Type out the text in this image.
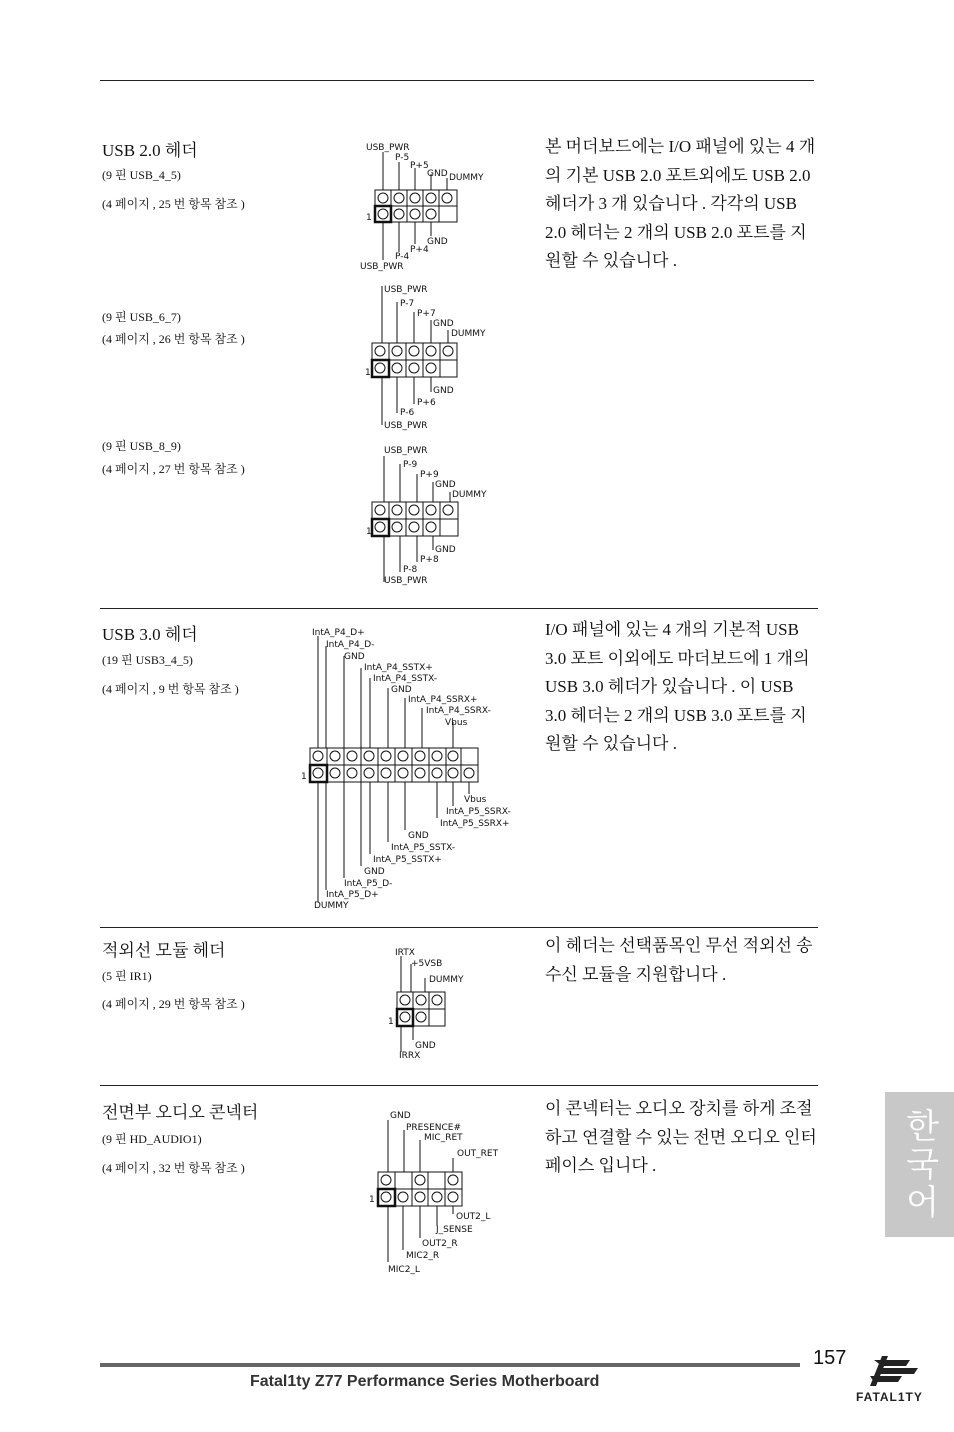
USB 2.0 헤더
(9 핀 USB_4_5)
(4 페이지 , 25 번 항목 참조 )
(9 핀 USB_6_7)
(4 페이지 , 26 번 항목 참조 )
(9 핀 USB_8_9)
(4 페이지 , 27 번 항목 참조 )
본 머더보드에는 I/O 패널에 있는 4 개의 기본 USB 2.0 포트외에도 USB 2.0 헤더가 3 개 있습니다 . 각각의 USB 2.0 헤더는 2 개의 USB 2.0 포트를 지원할 수 있습니다 .
USB_PWR
P-5
P+5
GND DUMMY
1
GND
P+4
P-4
USB_PWR
USB_PWR
P-7
P+7
GND
DUMMY
1
GND
P+6
P-6
USB_PWR
USB_PWR
P-9
P+9
GND
DUMMY
1
GND
P+8
P-8
USB_PWR
USB 3.0 헤더
(19 핀 USB3_4_5)
(4 페이지 , 9 번 항목 참조 )
I/O 패널에 있는 4 개의 기본적 USB 3.0 포트 이외에도 마더보드에 1 개의 USB 3.0 헤더가 있습니다 . 이 USB 3.0 헤더는 2 개의 USB 3.0 포트를 지원할 수 있습니다 .
IntA_P4_D+
IntA_P4_D-
GND
IntA_P4_SSTX+
IntA_P4_SSTX-
GND
IntA_P4_SSRX+
IntA_P4_SSRX-
Vbus
1
Vbus
IntA_P5_SSRX-
IntA_P5_SSRX+
GND
IntA_P5_SSTX-
IntA_P5_SSTX+
GND
IntA_P5_D-
IntA_P5_D+
DUMMY
적외선 모듈 헤더
(5 핀 IR1)
(4 페이지 , 29 번 항목 참조 )
이 헤더는 선택품목인 무선 적외선 송수신 모듈을 지원합니다 .
IRTX
+5VSB
DUMMY
1
GND
IRRX
전면부 오디오 콘넥터
(9 핀 HD_AUDIO1)
(4 페이지 , 32 번 항목 참조 )
이 콘넥터는 오디오 장치를 하게 조절하고 연결할 수 있는 전면 오디오 인터페이스 입니다 .
GND
PRESENCE#
MIC_RET
OUT_RET
1
OUT2_L
J_SENSE
OUT2_R
MIC2_R
MIC2_L
한국어
157
Fatal1ty Z77 Performance Series Motherboard
FATAL1TY
